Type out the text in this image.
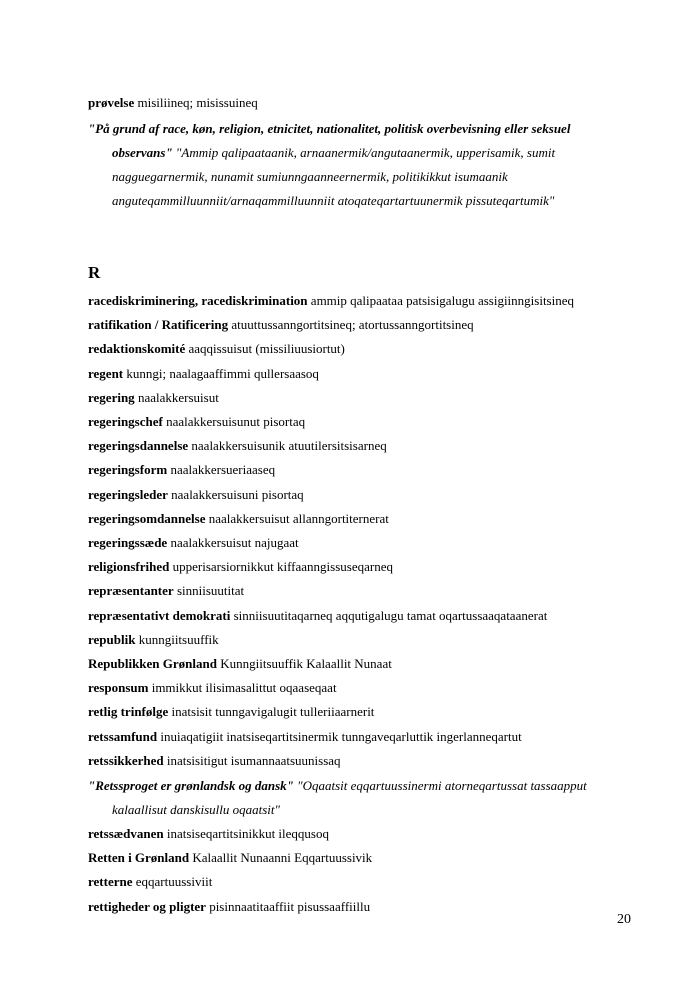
prøvelse misiliineq; misissuineq
"På grund af race, køn, religion, etnicitet, nationalitet, politisk overbevisning eller seksuel
observans" "Ammip qalipaataanik, arnaanermik/angutaanermik, upperisamik, sumit
nagguegarnermik, nunamit sumiunngaanneernermik, politikikkut isumaanik
anguteqammilluunniit/arnaqammilluunniit atoqateqartartuunermik pissuteqartumik"
R
racediskriminering, racediskrimination ammip qalipaataa patsisigalugu assigiinngisitsineq
ratifikation / Ratificering atuuttussanngortitsineq; atortussanngortitsineq
redaktionskomité aaqqissuisut (missiliuusiortut)
regent kunngi; naalagaaffimmi qullersaasoq
regering naalakkersuisut
regeringschef naalakkersuisunut pisortaq
regeringsdannelse naalakkersuisunik atuutilersitsisarneq
regeringsform naalakkersueriaaseq
regeringsleder naalakkersuisuni pisortaq
regeringsomdannelse naalakkersuisut allanngortiternerat
regeringssæde naalakkersuisut najugaat
religionsfrihed upperisarsiornikkut kiffaanngissuseqarneq
repræsentanter sinniisuutitat
repræsentativt demokrati sinniisuutitaqarneq aqqutigalugu tamat oqartussaaqataanerat
republik kunngiitsuuffik
Republikken Grønland Kunngiitsuuffik Kalaallit Nunaat
responsum immikkut ilisimasalittut oqaaseqaat
retlig trinfølge inatsisit tunngavigalugit tulleriiaarnerit
retssamfund inuiaqatigiit inatsiseqartitsinermik tunngaveqarluttik ingerlanneqartut
retssikkerhed inatsisitigut isumannaatsuunissaq
"Retssproget er grønlandsk og dansk" "Oqaatsit eqqartuussinermi atorneqartussat tassaapput
kalaallisut danskisullu oqaatsit"
retssædvanen inatsiseqartitsinikkut ileqqusoq
Retten i Grønland Kalaallit Nunaanni Eqqartuussivik
retterne eqqartuussiviit
rettigheder og pligter pisinnaatitaaffiit pisussaaffiillu
20
